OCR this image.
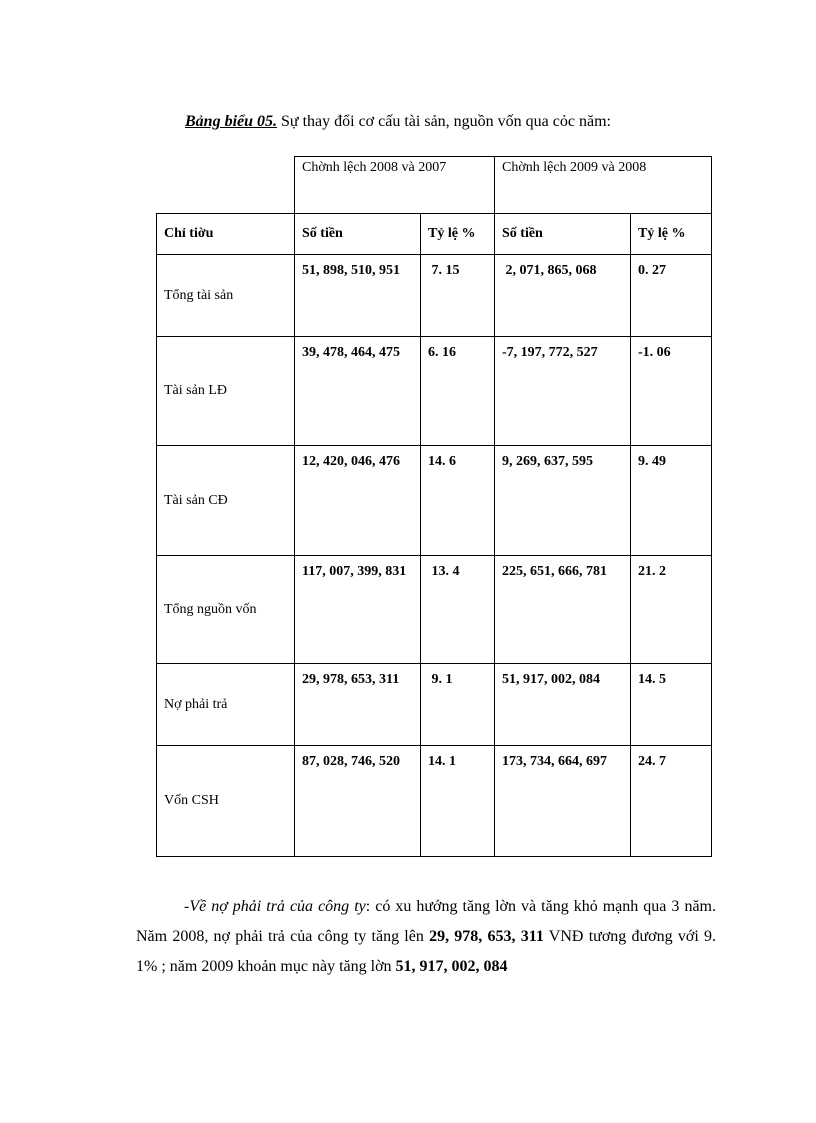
Bảng biểu 05. Sự thay đổi cơ cấu tài sản, nguồn vốn qua cỏc năm:

	Chờnh lệch 2008 và 2007		Chờnh lệch 2009 và 2008	

Chỉ tiờu	Số tiền	Tỷ lệ %	Số tiền	Tỷ lệ %

Tổng tài sản	51, 898, 510, 951	7. 15	2, 071, 865, 068	0. 27

Tài sản LĐ	39, 478, 464, 475	6. 16	-7, 197, 772, 527	-1. 06

Tài sản CĐ	12, 420, 046, 476	14. 6	9, 269, 637, 595	9. 49

Tổng nguồn vốn	117, 007, 399, 831	13. 4	225, 651, 666, 781	21. 2

Nợ phải trả	29, 978, 653, 311	9. 1	51, 917, 002, 084	14. 5

Vốn CSH	87, 028, 746, 520	14. 1	173, 734, 664, 697	24. 7

-Về nợ phải trả của công ty: có xu hướng tăng lờn và tăng khỏ mạnh qua 3 năm. Năm 2008, nợ phải trả của công ty tăng lên 29, 978, 653, 311 VNĐ tương đương với 9. 1% ; năm 2009 khoản mục này tăng lờn 51, 917, 002, 084
